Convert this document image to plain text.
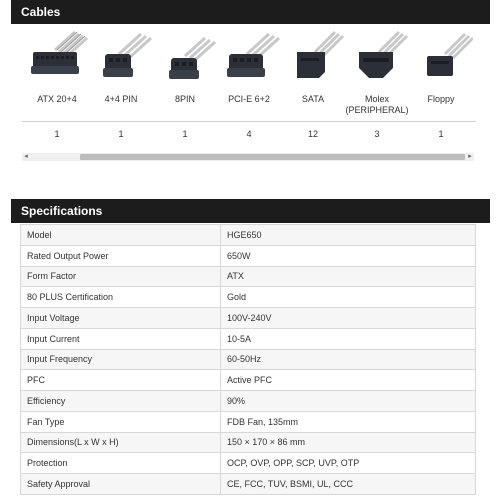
Cables
ATX 20+4
1
4+4 PIN
1
8PIN
1
PCI-E 6+2
4
SATA
12
Molex
(PERIPHERAL)
3
Floppy
1
◂	▸
Specifications
Model	HGE650
Rated Output Power	650W
Form Factor	ATX
80 PLUS Certification	Gold
Input Voltage	100V-240V
Input Current	10-5A
Input Frequency	60-50Hz
PFC	Active PFC
Efficiency	90%
Fan Type	FDB Fan, 135mm
Dimensions(L x W x H)	150 × 170 × 86 mm
Protection	OCP, OVP, OPP, SCP, UVP, OTP
Safety Approval	CE, FCC, TUV, BSMI, UL, CCC
